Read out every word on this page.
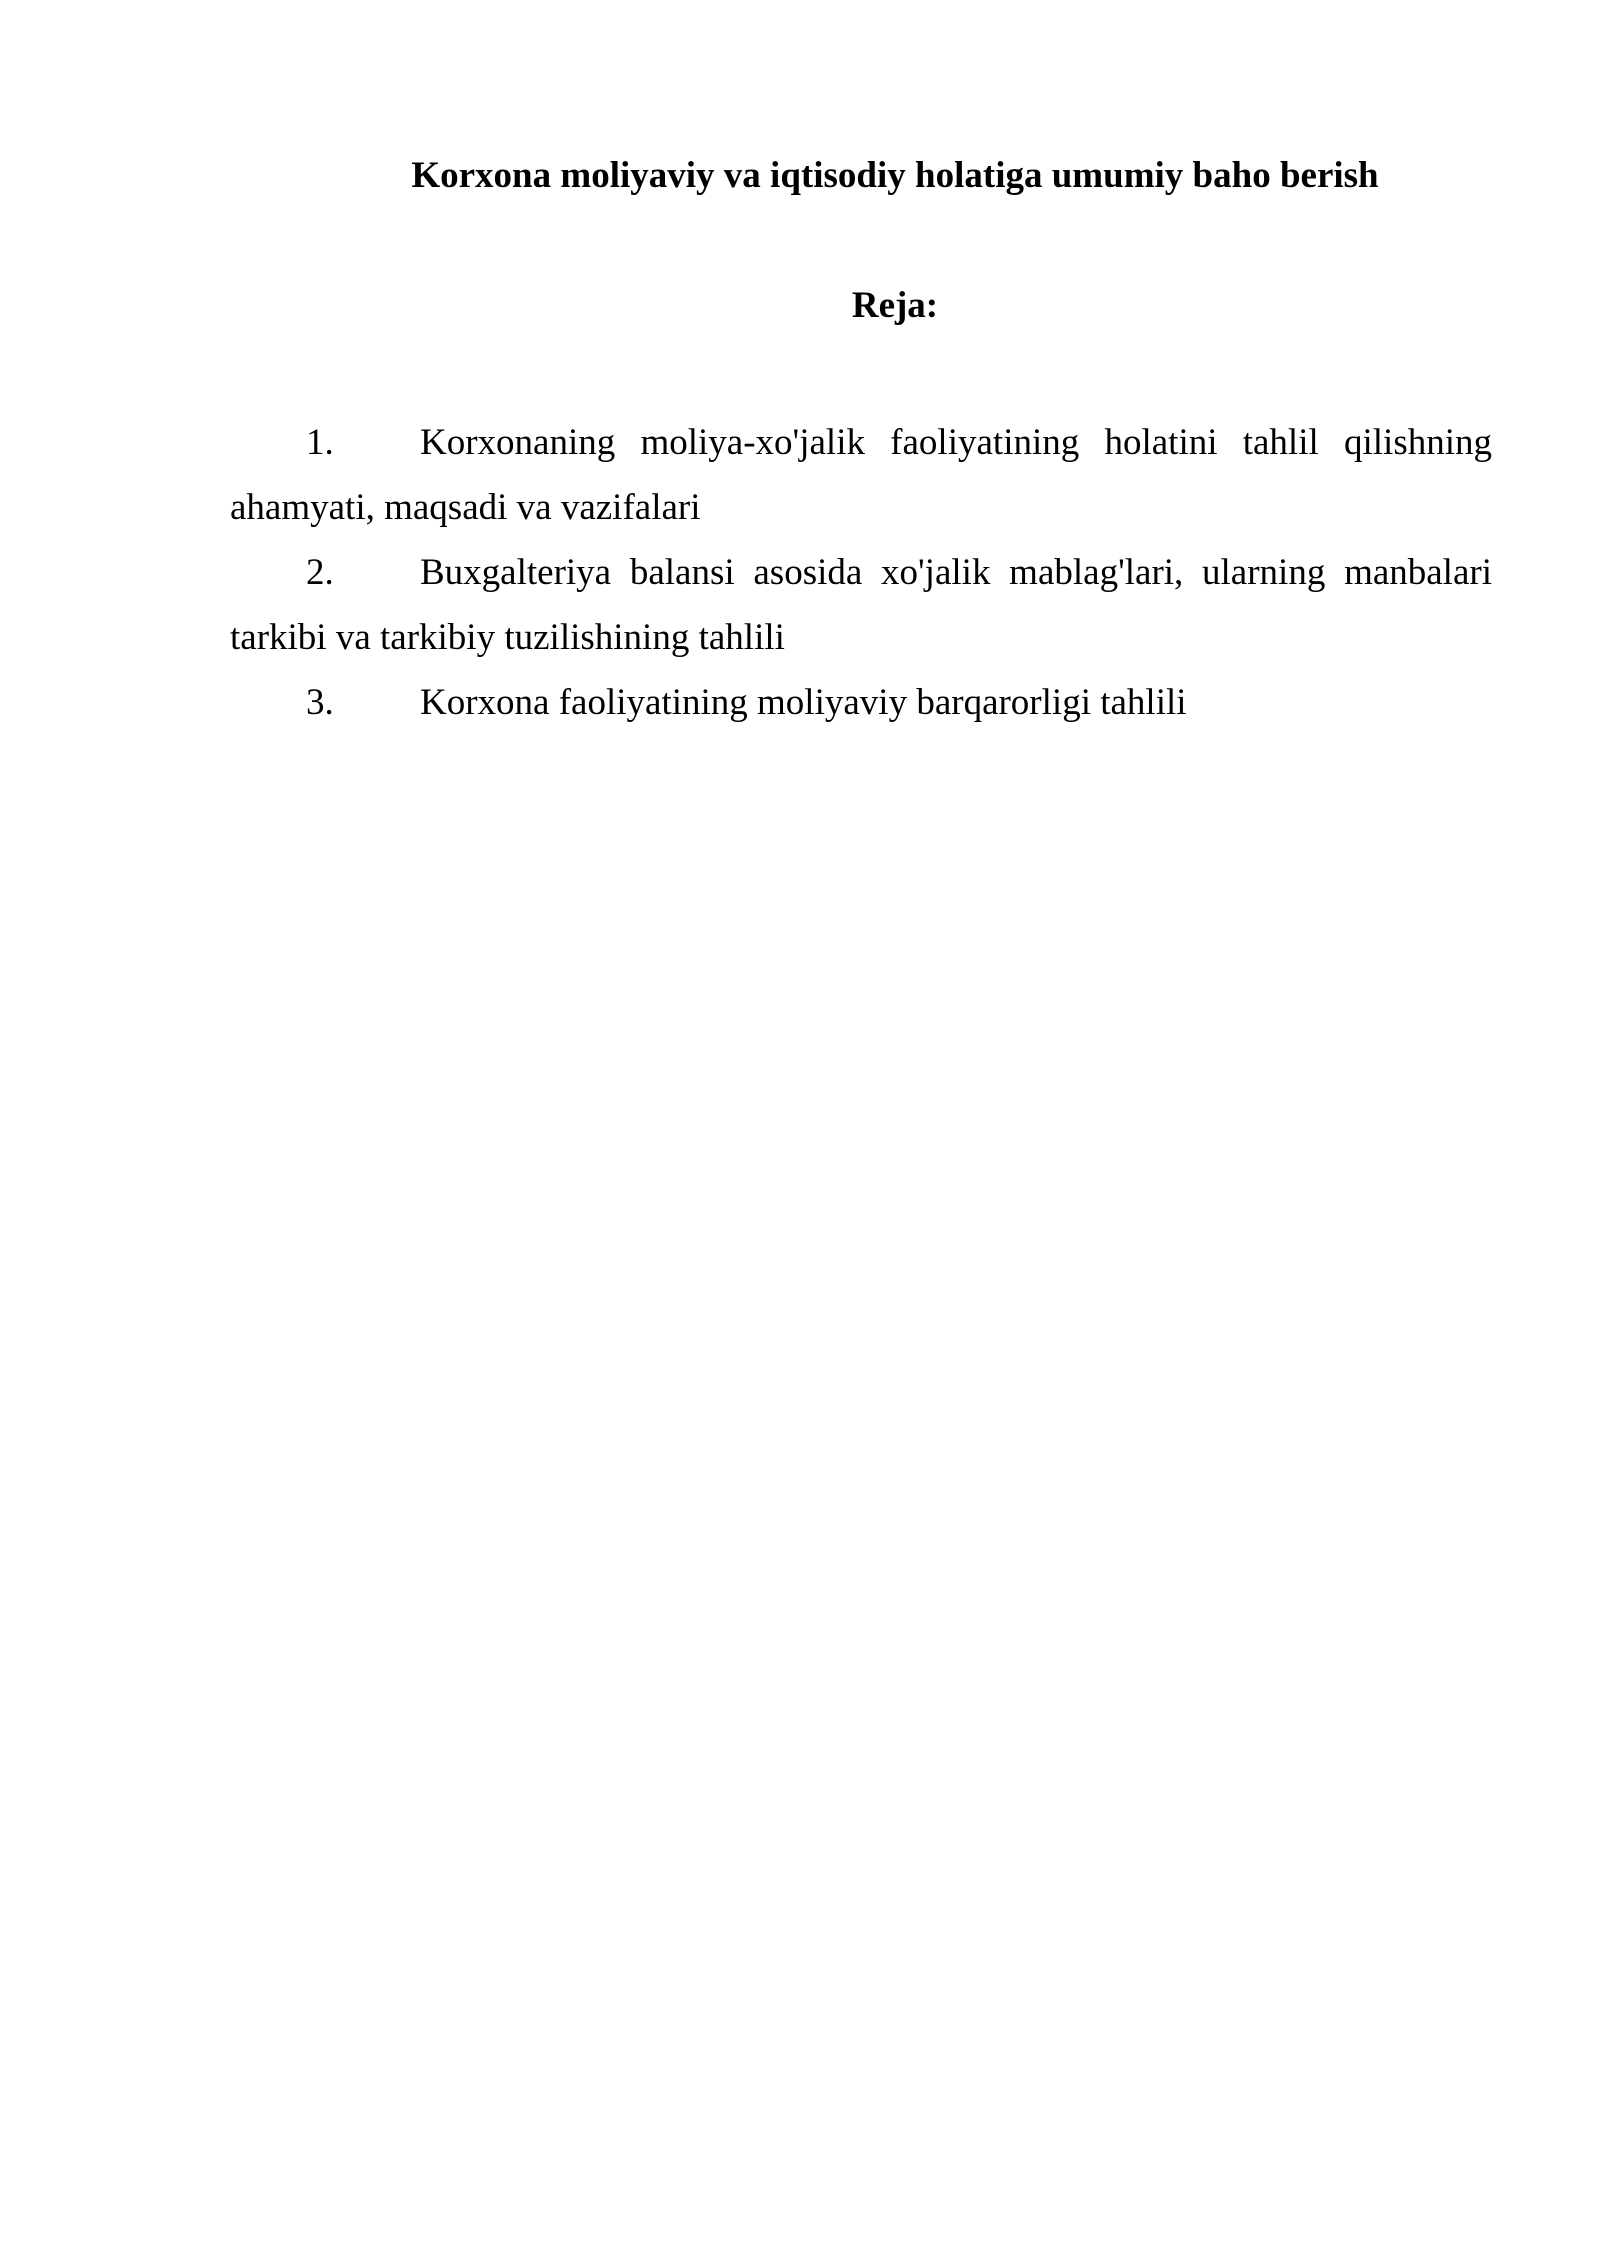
Korxona moliyaviy va iqtisodiy holatiga umumiy baho berish
Reja:
1. Korxonaning moliya-xo'jalik faoliyatining holatini tahlil qilishning ahamyati, maqsadi va vazifalari
2. Buxgalteriya balansi asosida xo'jalik mablag'lari, ularning manbalari tarkibi va tarkibiy tuzilishining tahlili
3. Korxona faoliyatining moliyaviy barqarorligi tahlili
